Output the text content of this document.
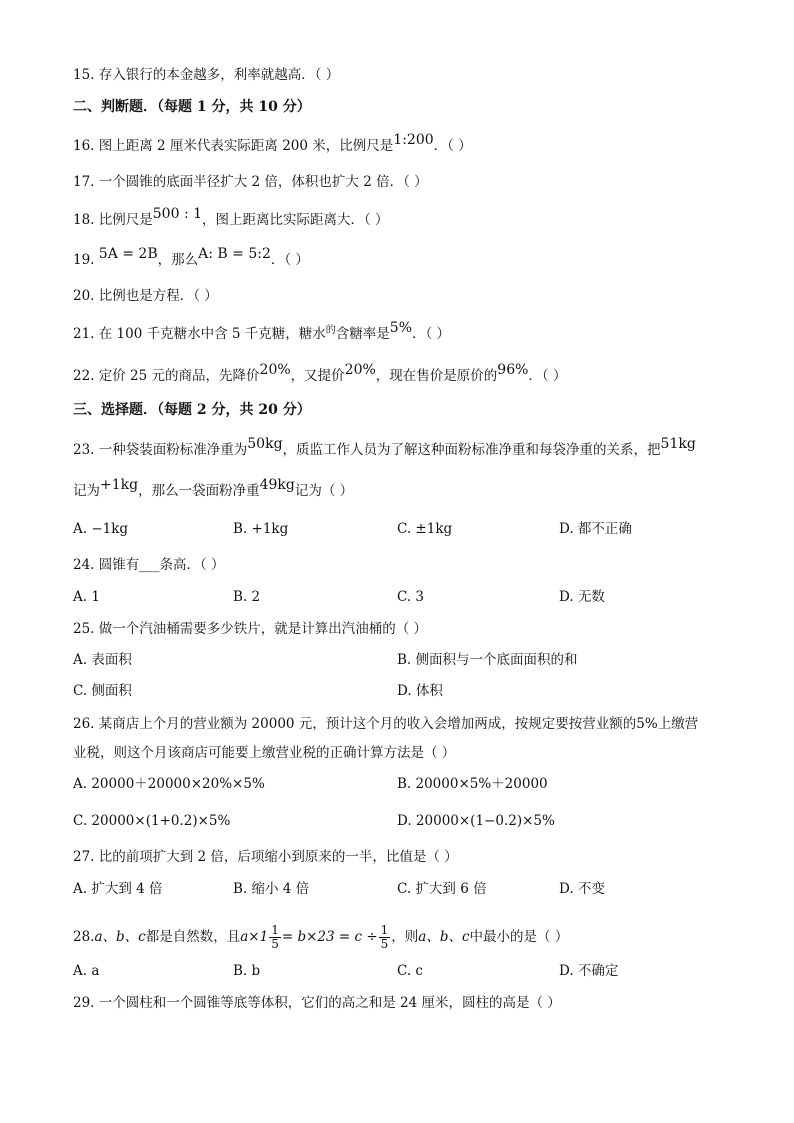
15. 存入银行的本金越多，利率就越高．（ ）
二、判断题．（每题 1 分，共 10 分）
16. 图上距离 2 厘米代表实际距离 200 米，比例尺是1:200．（ ）
17. 一个圆锥的底面半径扩大 2 倍，体积也扩大 2 倍．（ ）
18. 比例尺是500 : 1，图上距离比实际距离大．（ ）
19. 5A = 2B，那么A: B = 5:2．（ ）
20. 比例也是方程．（ ）
21. 在 100 千克糖水中含 5 千克糖，糖水$^的$含糖率是5%．（ ）
22. 定价 25 元的商品，先降价20%，又提价20%，现在售价是原价的96%．（ ）
三、选择题．（每题 2 分，共 20 分）
23. 一种袋装面粉标准净重为50kg，质监工作人员为了解这种面粉标准净重和每袋净重的关系，把51kg
记为+1kg，那么一袋面粉净重49kg记为（ ）
A. −1kg	B. +1kg	C. ±1kg	D. 都不正确
24. 圆锥有___条高．（ ）
A. 1	B. 2	C. 3	D. 无数
25. 做一个汽油桶需要多少铁片，就是计算出汽油桶的（ ）
A. 表面积	B. 侧面积与一个底面面积的和
C. 侧面积	D. 体积
26. 某商店上个月的营业额为 20000 元，预计这个月的收入会增加两成，按规定要按营业额的5%上缴营
业税，则这个月该商店可能要上缴营业税的正确计算方法是（ ）
A. 20000＋20000×20%×5%	B. 20000×5%＋20000
C. 20000×(1+0.2)×5%	D. 20000×(1−0.2)×5%
27. 比的前项扩大到 2 倍，后项缩小到原来的一半，比值是（ ）
A. 扩大到 4 倍	B. 缩小 4 倍	C. 扩大到 6 倍	D. 不变
28.a、b、c都是自然数，且$a\times 1 \frac{1}{5} = b\times 23 = c \div \frac{1}{5}$ ，则a、b、c中最小的是（ ）
A. a	B. b	C. c	D. 不确定
29. 一个圆柱和一个圆锥等底等体积，它们的高之和是 24 厘米，圆柱的高是（ ）
